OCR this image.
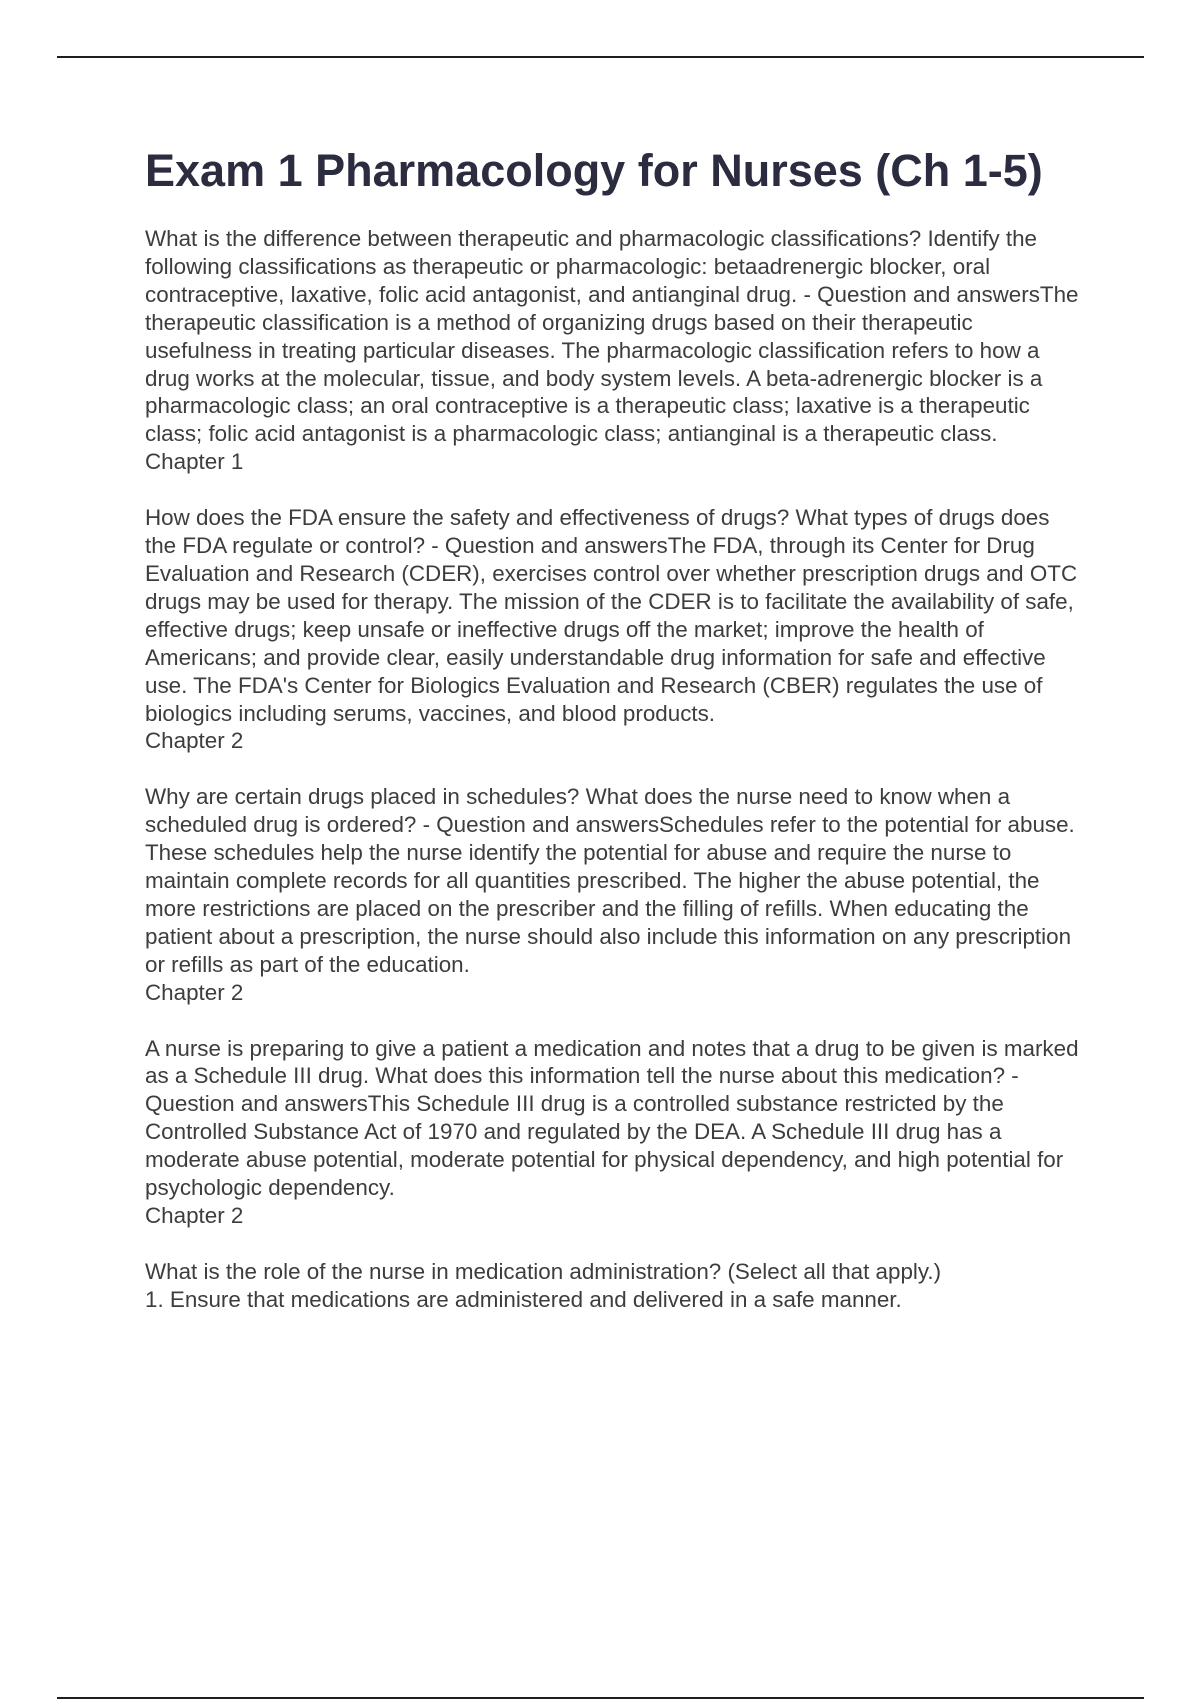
Exam 1 Pharmacology for Nurses (Ch 1-5)

What is the difference between therapeutic and pharmacologic classifications? Identify the following classifications as therapeutic or pharmacologic: betaadrenergic blocker, oral contraceptive, laxative, folic acid antagonist, and antianginal drug. - Question and answersThe therapeutic classification is a method of organizing drugs based on their therapeutic usefulness in treating particular diseases. The pharmacologic classification refers to how a drug works at the molecular, tissue, and body system levels. A beta-adrenergic blocker is a pharmacologic class; an oral contraceptive is a therapeutic class; laxative is a therapeutic class; folic acid antagonist is a pharmacologic class; antianginal is a therapeutic class.

Chapter 1

How does the FDA ensure the safety and effectiveness of drugs? What types of drugs does the FDA regulate or control? - Question and answersThe FDA, through its Center for Drug Evaluation and Research (CDER), exercises control over whether prescription drugs and OTC drugs may be used for therapy. The mission of the CDER is to facilitate the availability of safe, effective drugs; keep unsafe or ineffective drugs off the market; improve the health of Americans; and provide clear, easily understandable drug information for safe and effective use. The FDA's Center for Biologics Evaluation and Research (CBER) regulates the use of biologics including serums, vaccines, and blood products.

Chapter 2

Why are certain drugs placed in schedules? What does the nurse need to know when a scheduled drug is ordered? - Question and answersSchedules refer to the potential for abuse. These schedules help the nurse identify the potential for abuse and require the nurse to maintain complete records for all quantities prescribed. The higher the abuse potential, the more restrictions are placed on the prescriber and the filling of refills. When educating the patient about a prescription, the nurse should also include this information on any prescription or refills as part of the education.

Chapter 2

A nurse is preparing to give a patient a medication and notes that a drug to be given is marked as a Schedule III drug. What does this information tell the nurse about this medication? - Question and answersThis Schedule III drug is a controlled substance restricted by the Controlled Substance Act of 1970 and regulated by the DEA. A Schedule III drug has a moderate abuse potential, moderate potential for physical dependency, and high potential for psychologic dependency.

Chapter 2

What is the role of the nurse in medication administration? (Select all that apply.)

1. Ensure that medications are administered and delivered in a safe manner.
